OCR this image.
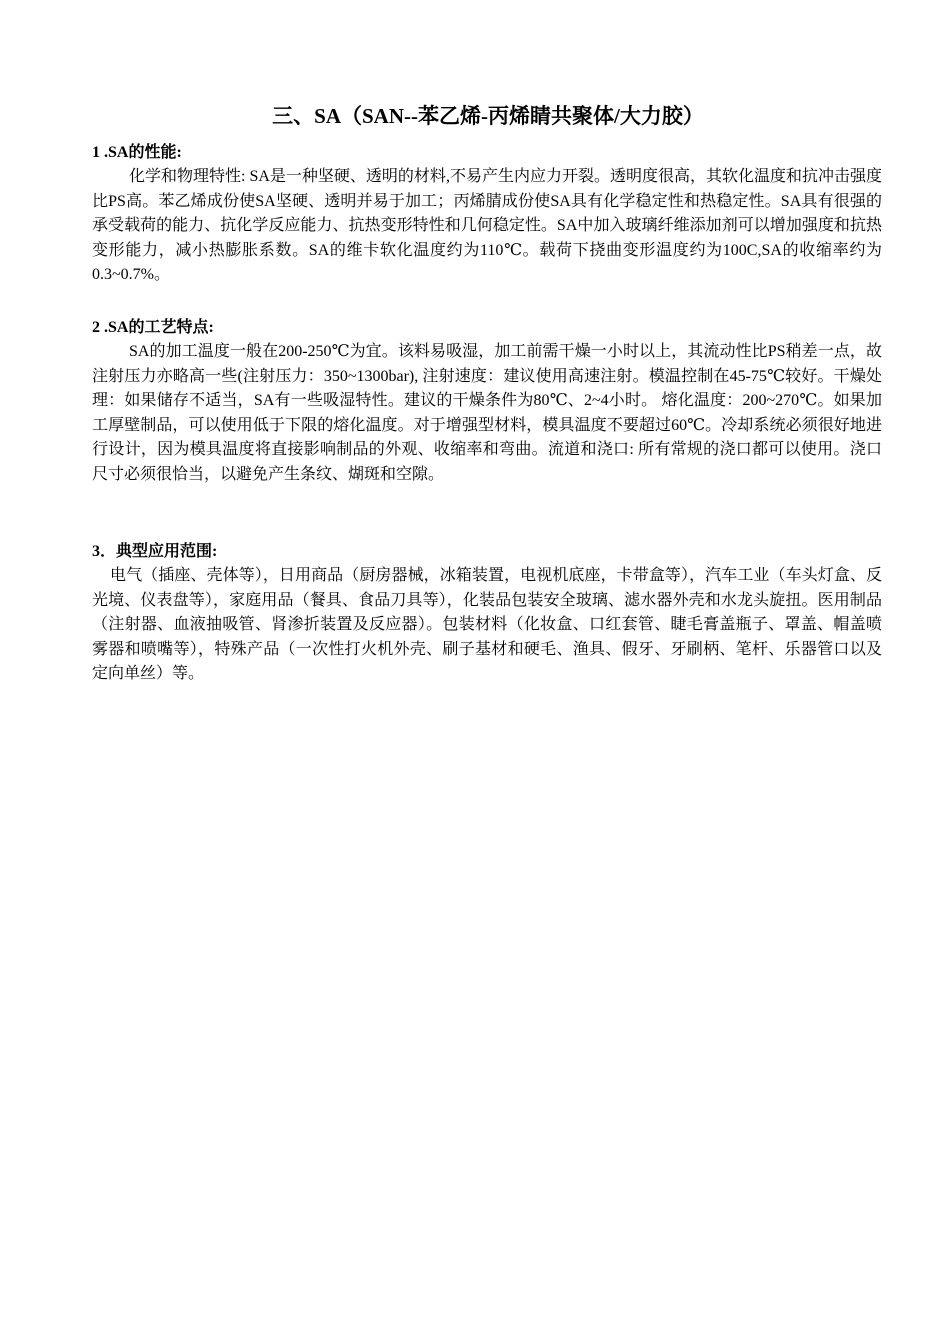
三、SA（SAN--苯乙烯-丙烯睛共聚体/大力胶）
1 .SA的性能:

化学和物理特性: SA是一种坚硬、透明的材料,不易产生内应力开裂。透明度很高，其软化温度和抗冲击强度比PS高。苯乙烯成份使SA坚硬、透明并易于加工；丙烯腈成份使SA具有化学稳定性和热稳定性。SA具有很强的承受载荷的能力、抗化学反应能力、抗热变形特性和几何稳定性。SA中加入玻璃纤维添加剂可以增加强度和抗热变形能力，减小热膨胀系数。SA的维卡软化温度约为110℃。载荷下挠曲变形温度约为100C,SA的收缩率约为0.3~0.7%。

2 .SA的工艺特点:

SA的加工温度一般在200-250℃为宜。该料易吸湿，加工前需干燥一小时以上，其流动性比PS稍差一点，故注射压力亦略高一些(注射压力：350~1300bar), 注射速度：建议使用高速注射。模温控制在45-75℃较好。干燥处理：如果储存不适当，SA有一些吸湿特性。建议的干燥条件为80℃、2~4小时。 熔化温度：200~270℃。如果加工厚壁制品，可以使用低于下限的熔化温度。对于增强型材料，模具温度不要超过60℃。冷却系统必须很好地进行设计，因为模具温度将直接影响制品的外观、收缩率和弯曲。流道和浇口: 所有常规的浇口都可以使用。浇口尺寸必须很恰当，以避免产生条纹、煳斑和空隙。

3．典型应用范围:

电气（插座、壳体等），日用商品（厨房器械，冰箱装置，电视机底座，卡带盒等），汽车工业（车头灯盒、反光境、仪表盘等），家庭用品（餐具、食品刀具等），化装品包装安全玻璃、滤水器外壳和水龙头旋扭。医用制品（注射器、血液抽吸管、肾渗折装置及反应器）。包装材料（化妆盒、口红套管、睫毛膏盖瓶子、罩盖、帽盖喷雾器和喷嘴等），特殊产品（一次性打火机外壳、刷子基材和硬毛、渔具、假牙、牙刷柄、笔杆、乐器管口以及定向单丝）等。
